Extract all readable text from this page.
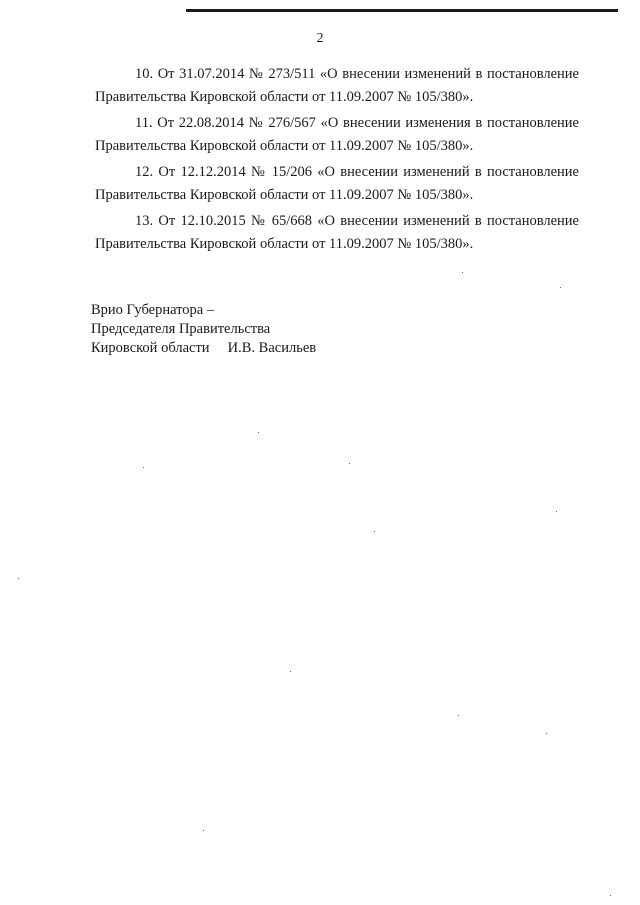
2

10. От 31.07.2014 № 273/511 «О внесении изменений в постановление Правительства Кировской области от 11.09.2007 № 105/380».

11. От 22.08.2014 № 276/567 «О внесении изменения в постановление Правительства Кировской области от 11.09.2007 № 105/380».

12. От 12.12.2014 № 15/206 «О внесении изменений в постановление Правительства Кировской области от 11.09.2007 № 105/380».

13. От 12.10.2015 № 65/668 «О внесении изменений в постановление Правительства Кировской области от 11.09.2007 № 105/380».

Врио Губернатора –
Председателя Правительства
Кировской области     И.В. Васильев
